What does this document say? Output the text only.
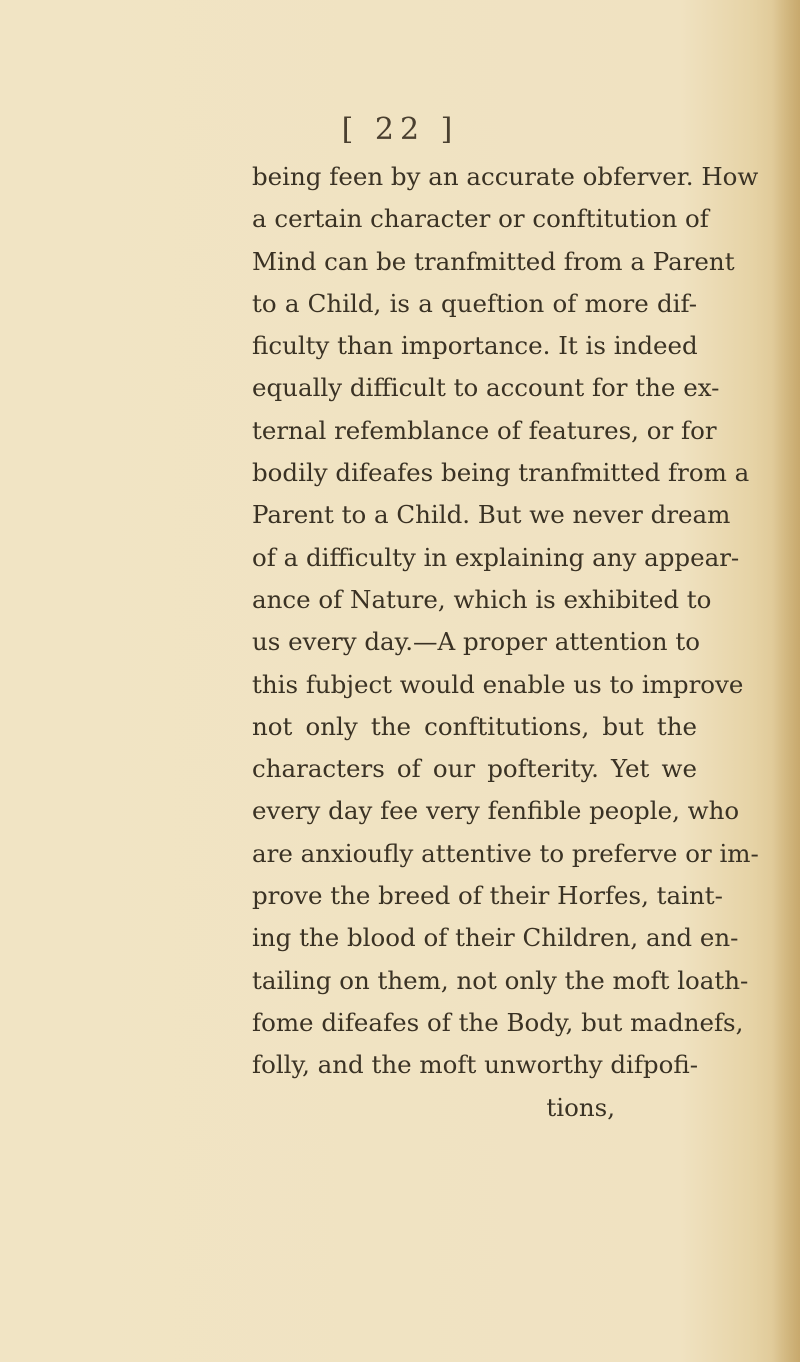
[ 22 ]
being feen by an accurate obferver. How
a certain character or conftitution of
Mind can be tranfmitted from a Parent
to a Child, is a queftion of more dif-
ficulty than importance. It is indeed
equally difficult to account for the ex-
ternal refemblance of features, or for
bodily difeafes being tranfmitted from a
Parent to a Child. But we never dream
of a difficulty in explaining any appear-
ance of Nature, which is exhibited to
us every day.—A proper attention to
this fubject would enable us to improve
not only the conftitutions, but the
characters of our pofterity. Yet we
every day fee very fenfible people, who
are anxioufly attentive to preferve or im-
prove the breed of their Horfes, taint-
ing the blood of their Children, and en-
tailing on them, not only the moft loath-
fome difeafes of the Body, but madnefs,
folly, and the moft unworthy difpofi-
tions,
